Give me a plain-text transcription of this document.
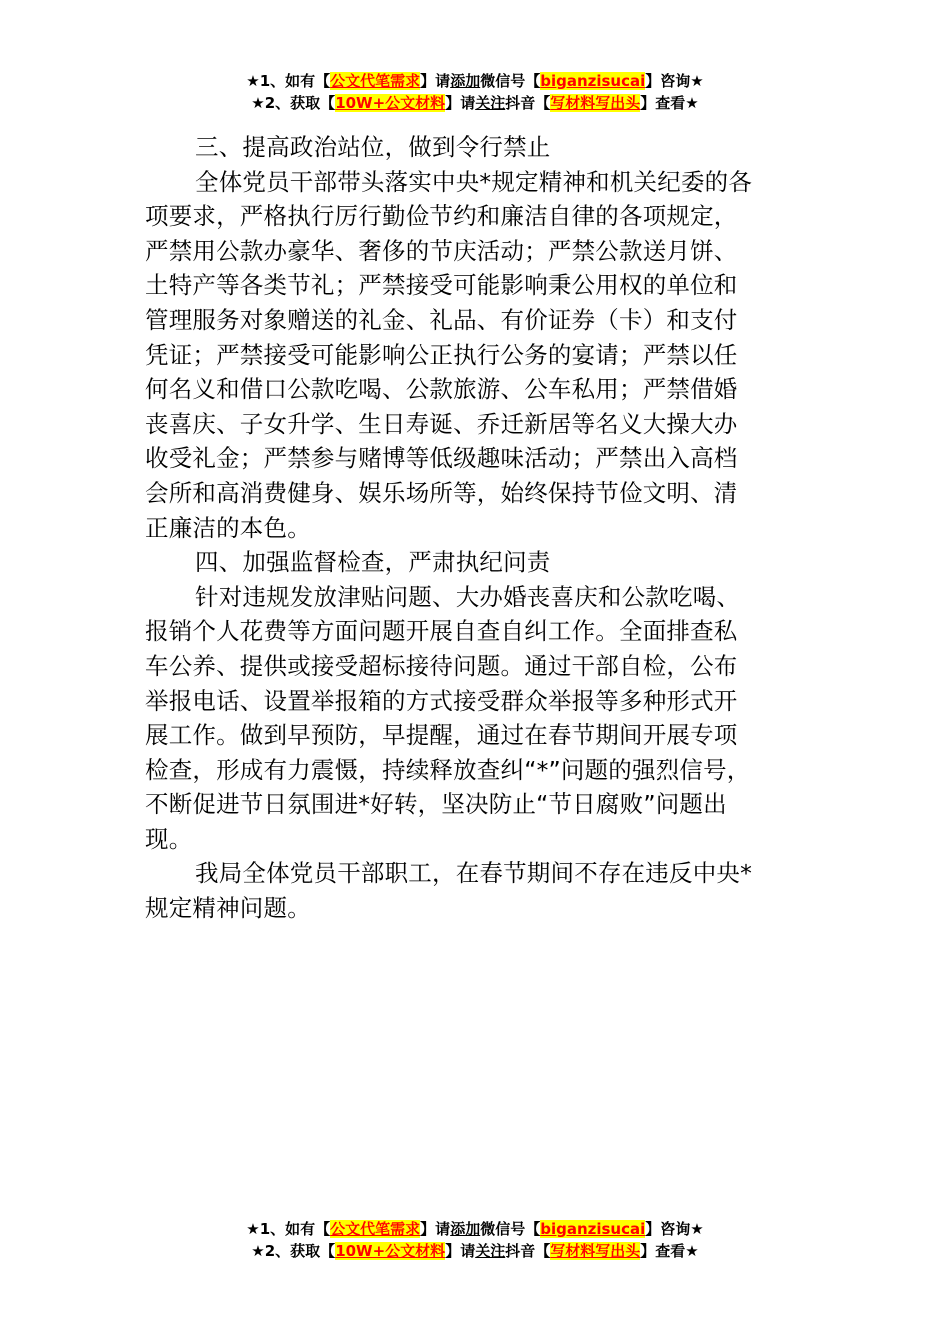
★1、如有【公文代笔需求】请添加微信号【biganzisucai】咨询★
★2、获取【10W+公文材料】请关注抖音【写材料写出头】查看★
三、提高政治站位，做到令行禁止
全体党员干部带头落实中央*规定精神和机关纪委的各
项要求，严格执行厉行勤俭节约和廉洁自律的各项规定，
严禁用公款办豪华、奢侈的节庆活动；严禁公款送月饼、
土特产等各类节礼；严禁接受可能影响秉公用权的单位和
管理服务对象赠送的礼金、礼品、有价证券（卡）和支付
凭证；严禁接受可能影响公正执行公务的宴请；严禁以任
何名义和借口公款吃喝、公款旅游、公车私用；严禁借婚
丧喜庆、子女升学、生日寿诞、乔迁新居等名义大操大办
收受礼金；严禁参与赌博等低级趣味活动；严禁出入高档
会所和高消费健身、娱乐场所等，始终保持节俭文明、清
正廉洁的本色。
四、加强监督检查，严肃执纪问责
针对违规发放津贴问题、大办婚丧喜庆和公款吃喝、
报销个人花费等方面问题开展自查自纠工作。全面排查私
车公养、提供或接受超标接待问题。通过干部自检，公布
举报电话、设置举报箱的方式接受群众举报等多种形式开
展工作。做到早预防，早提醒，通过在春节期间开展专项
检查，形成有力震慑，持续释放查纠“*”问题的强烈信号，
不断促进节日氛围进*好转，坚决防止“节日腐败”问题出
现。
我局全体党员干部职工，在春节期间不存在违反中央*
规定精神问题。
★1、如有【公文代笔需求】请添加微信号【biganzisucai】咨询★
★2、获取【10W+公文材料】请关注抖音【写材料写出头】查看★
